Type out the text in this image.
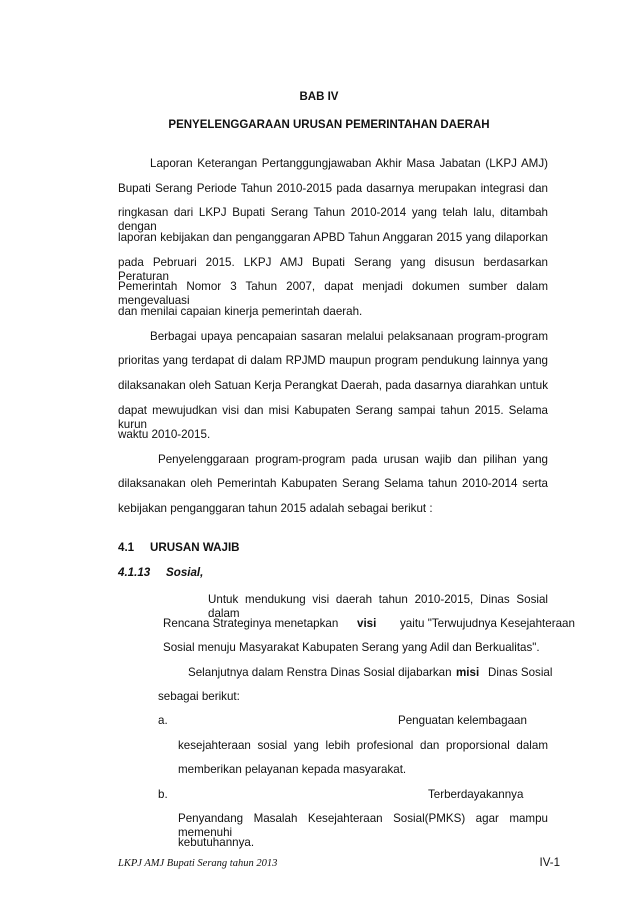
BAB IV
PENYELENGGARAAN URUSAN PEMERINTAHAN DAERAH
Laporan Keterangan Pertanggungjawaban Akhir Masa Jabatan (LKPJ AMJ)
Bupati Serang Periode Tahun 2010-2015 pada dasarnya merupakan integrasi dan
ringkasan dari LKPJ Bupati Serang Tahun 2010-2014 yang telah lalu, ditambah dengan
laporan kebijakan dan penganggaran APBD Tahun Anggaran 2015 yang dilaporkan
pada Pebruari 2015. LKPJ AMJ Bupati Serang yang disusun berdasarkan Peraturan
Pemerintah Nomor 3 Tahun 2007, dapat menjadi dokumen sumber dalam mengevaluasi
dan menilai capaian kinerja pemerintah daerah.
Berbagai upaya pencapaian sasaran melalui pelaksanaan program-program
prioritas yang terdapat di dalam RPJMD maupun program pendukung lainnya yang
dilaksanakan oleh Satuan Kerja Perangkat Daerah, pada dasarnya diarahkan untuk
dapat mewujudkan visi dan misi Kabupaten Serang sampai tahun 2015. Selama kurun
waktu 2010-2015.
Penyelenggaraan program-program pada urusan wajib dan pilihan yang
dilaksanakan oleh Pemerintah Kabupaten Serang Selama tahun 2010-2014 serta
kebijakan penganggaran tahun 2015 adalah sebagai berikut :
4.1 URUSAN WAJIB
4.1.13 Sosial,
Untuk mendukung visi daerah tahun 2010-2015, Dinas Sosial dalam
Rencana Strateginya menetapkan visi yaitu "Terwujudnya Kesejahteraan
Sosial menuju Masyarakat Kabupaten Serang yang Adil dan Berkualitas".
Selanjutnya dalam Renstra Dinas Sosial dijabarkan misi Dinas Sosial
sebagai berikut:
a.	Penguatan kelembagaan
kesejahteraan sosial yang lebih profesional dan proporsional dalam
memberikan pelayanan kepada masyarakat.
b.	Terberdayakannya
Penyandang Masalah Kesejahteraan Sosial(PMKS) agar mampu memenuhi
kebutuhannya.
LKPJ AMJ Bupati Serang tahun 2013	IV-1
